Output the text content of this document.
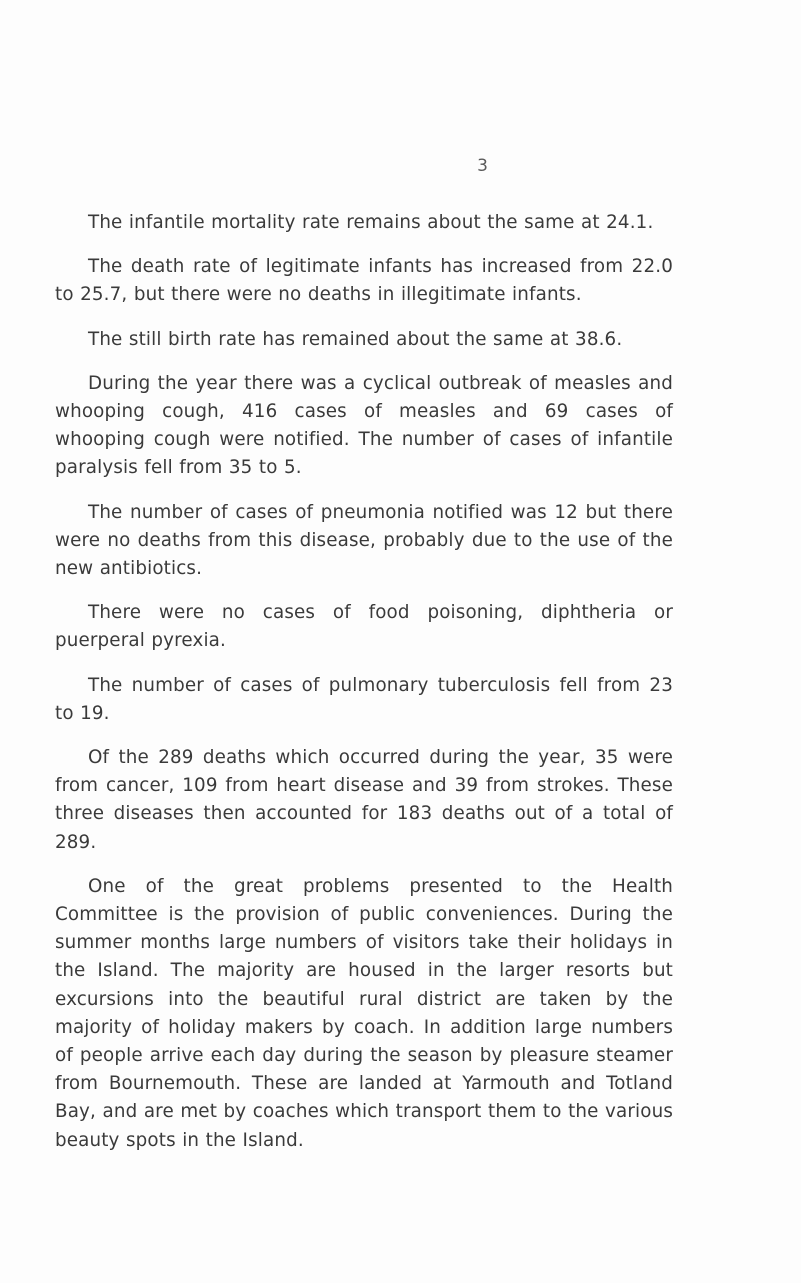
3

The infantile mortality rate remains about the same at 24.1.

The death rate of legitimate infants has increased from 22.0 to 25.7, but there were no deaths in illegitimate infants.

The still birth rate has remained about the same at 38.6.

During the year there was a cyclical outbreak of measles and whooping cough, 416 cases of measles and 69 cases of whooping cough were notified. The number of cases of infantile paralysis fell from 35 to 5.

The number of cases of pneumonia notified was 12 but there were no deaths from this disease, probably due to the use of the new antibiotics.

There were no cases of food poisoning, diphtheria or puerperal pyrexia.

The number of cases of pulmonary tuberculosis fell from 23 to 19.

Of the 289 deaths which occurred during the year, 35 were from cancer, 109 from heart disease and 39 from strokes. These three diseases then accounted for 183 deaths out of a total of 289.

One of the great problems presented to the Health Committee is the provision of public conveniences. During the summer months large numbers of visitors take their holidays in the Island. The majority are housed in the larger resorts but excursions into the beautiful rural district are taken by the majority of holiday makers by coach. In addition large numbers of people arrive each day during the season by pleasure steamer from Bournemouth. These are landed at Yarmouth and Totland Bay, and are met by coaches which transport them to the various beauty spots in the Island.
